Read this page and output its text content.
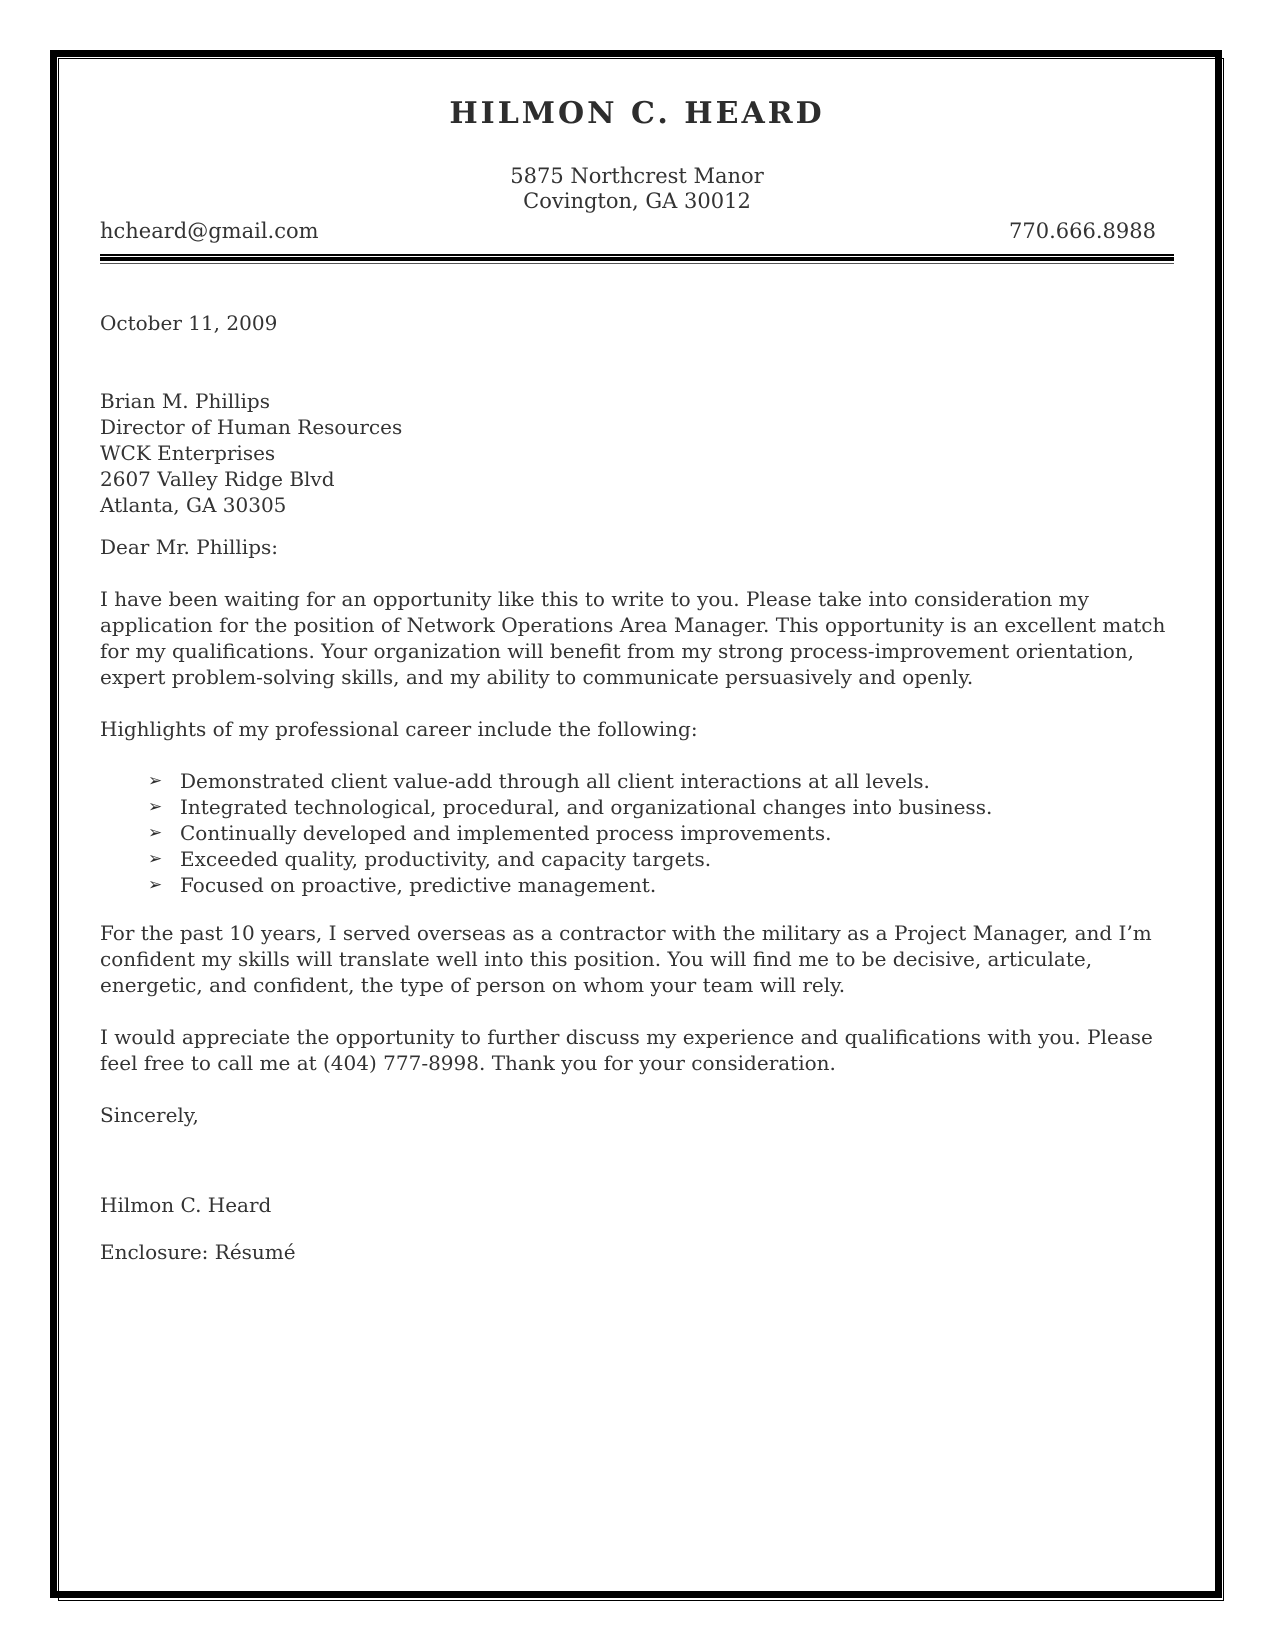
HILMON C. HEARD
5875 Northcrest Manor
Covington, GA 30012
hcheard@gmail.com	770.666.8988

October 11, 2009

Brian M. Phillips
Director of Human Resources
WCK Enterprises
2607 Valley Ridge Blvd
Atlanta, GA 30305

Dear Mr. Phillips:

I have been waiting for an opportunity like this to write to you. Please take into consideration my application for the position of Network Operations Area Manager. This opportunity is an excellent match for my qualifications. Your organization will benefit from my strong process-improvement orientation, expert problem-solving skills, and my ability to communicate persuasively and openly.

Highlights of my professional career include the following:

➢ Demonstrated client value-add through all client interactions at all levels.
➢ Integrated technological, procedural, and organizational changes into business.
➢ Continually developed and implemented process improvements.
➢ Exceeded quality, productivity, and capacity targets.
➢ Focused on proactive, predictive management.

For the past 10 years, I served overseas as a contractor with the military as a Project Manager, and I’m confident my skills will translate well into this position. You will find me to be decisive, articulate, energetic, and confident, the type of person on whom your team will rely.

I would appreciate the opportunity to further discuss my experience and qualifications with you. Please feel free to call me at (404) 777-8998. Thank you for your consideration.

Sincerely,

Hilmon C. Heard

Enclosure: Résumé
